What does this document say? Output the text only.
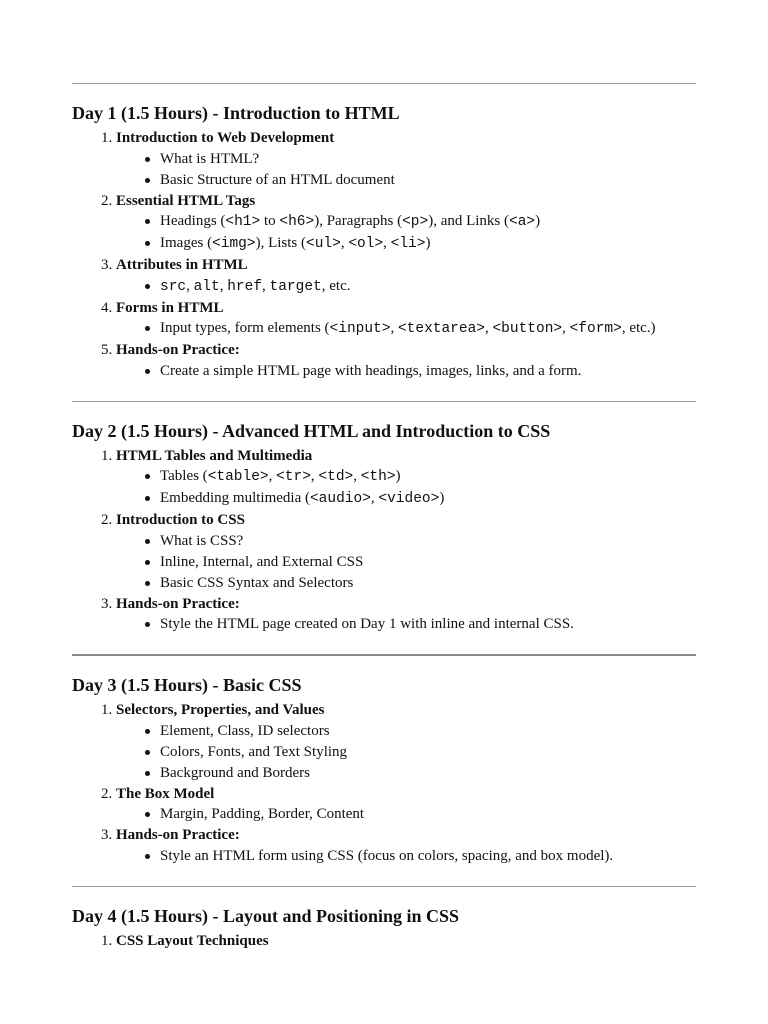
Day 1 (1.5 Hours) - Introduction to HTML
1. Introduction to Web Development
What is HTML?
Basic Structure of an HTML document
2. Essential HTML Tags
Headings (<h1> to <h6>), Paragraphs (<p>), and Links (<a>)
Images (<img>), Lists (<ul>, <ol>, <li>)
3. Attributes in HTML
src, alt, href, target, etc.
4. Forms in HTML
Input types, form elements (<input>, <textarea>, <button>, <form>, etc.)
5. Hands-on Practice:
Create a simple HTML page with headings, images, links, and a form.
Day 2 (1.5 Hours) - Advanced HTML and Introduction to CSS
1. HTML Tables and Multimedia
Tables (<table>, <tr>, <td>, <th>)
Embedding multimedia (<audio>, <video>)
2. Introduction to CSS
What is CSS?
Inline, Internal, and External CSS
Basic CSS Syntax and Selectors
3. Hands-on Practice:
Style the HTML page created on Day 1 with inline and internal CSS.
Day 3 (1.5 Hours) - Basic CSS
1. Selectors, Properties, and Values
Element, Class, ID selectors
Colors, Fonts, and Text Styling
Background and Borders
2. The Box Model
Margin, Padding, Border, Content
3. Hands-on Practice:
Style an HTML form using CSS (focus on colors, spacing, and box model).
Day 4 (1.5 Hours) - Layout and Positioning in CSS
1. CSS Layout Techniques
